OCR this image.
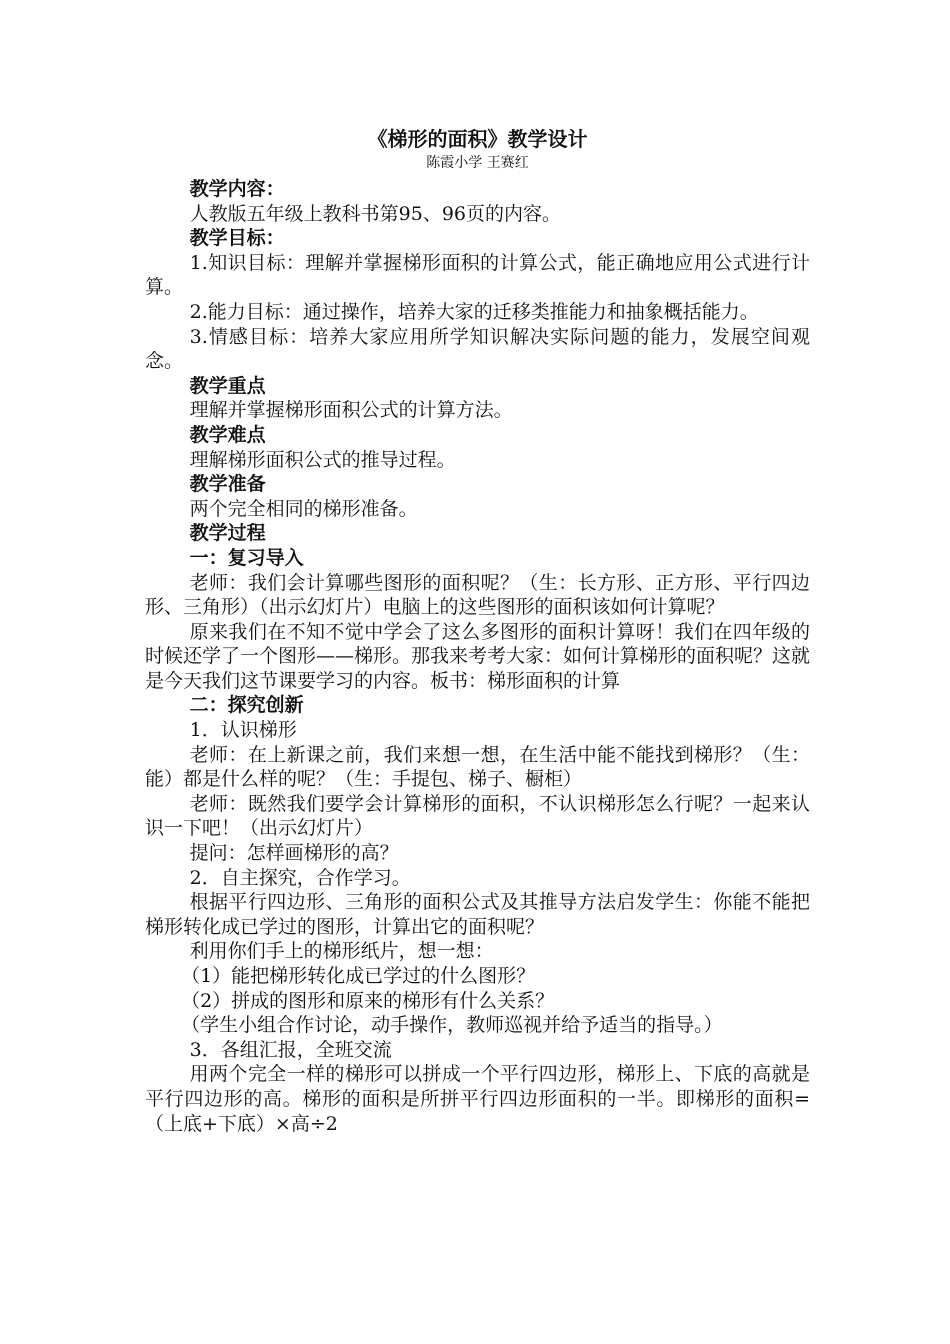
《梯形的面积》教学设计
陈霞小学 王赛红
教学内容：
人教版五年级上教科书第95、96页的内容。
教学目标：
1.知识目标：理解并掌握梯形面积的计算公式，能正确地应用公式进行计算。
2.能力目标：通过操作，培养大家的迁移类推能力和抽象概括能力。
3.情感目标：培养大家应用所学知识解决实际问题的能力，发展空间观念。
教学重点
理解并掌握梯形面积公式的计算方法。
教学难点
理解梯形面积公式的推导过程。
教学准备
两个完全相同的梯形准备。
教学过程
一：复习导入
老师：我们会计算哪些图形的面积呢？（生：长方形、正方形、平行四边形、三角形）（出示幻灯片）电脑上的这些图形的面积该如何计算呢？
原来我们在不知不觉中学会了这么多图形的面积计算呀！我们在四年级的时候还学了一个图形——梯形。那我来考考大家：如何计算梯形的面积呢？这就是今天我们这节课要学习的内容。板书：梯形面积的计算
二：探究创新
1．认识梯形
老师：在上新课之前，我们来想一想，在生活中能不能找到梯形？（生：能）都是什么样的呢？（生：手提包、梯子、橱柜）
老师：既然我们要学会计算梯形的面积，不认识梯形怎么行呢？一起来认识一下吧！（出示幻灯片）
提问：怎样画梯形的高？
2．自主探究，合作学习。
根据平行四边形、三角形的面积公式及其推导方法启发学生：你能不能把梯形转化成已学过的图形，计算出它的面积呢？
利用你们手上的梯形纸片，想一想：
（1）能把梯形转化成已学过的什么图形？
（2）拼成的图形和原来的梯形有什么关系？
（学生小组合作讨论，动手操作，教师巡视并给予适当的指导。）
3．各组汇报，全班交流
用两个完全一样的梯形可以拼成一个平行四边形，梯形上、下底的高就是平行四边形的高。梯形的面积是所拼平行四边形面积的一半。即梯形的面积=（上底+下底）×高÷2
